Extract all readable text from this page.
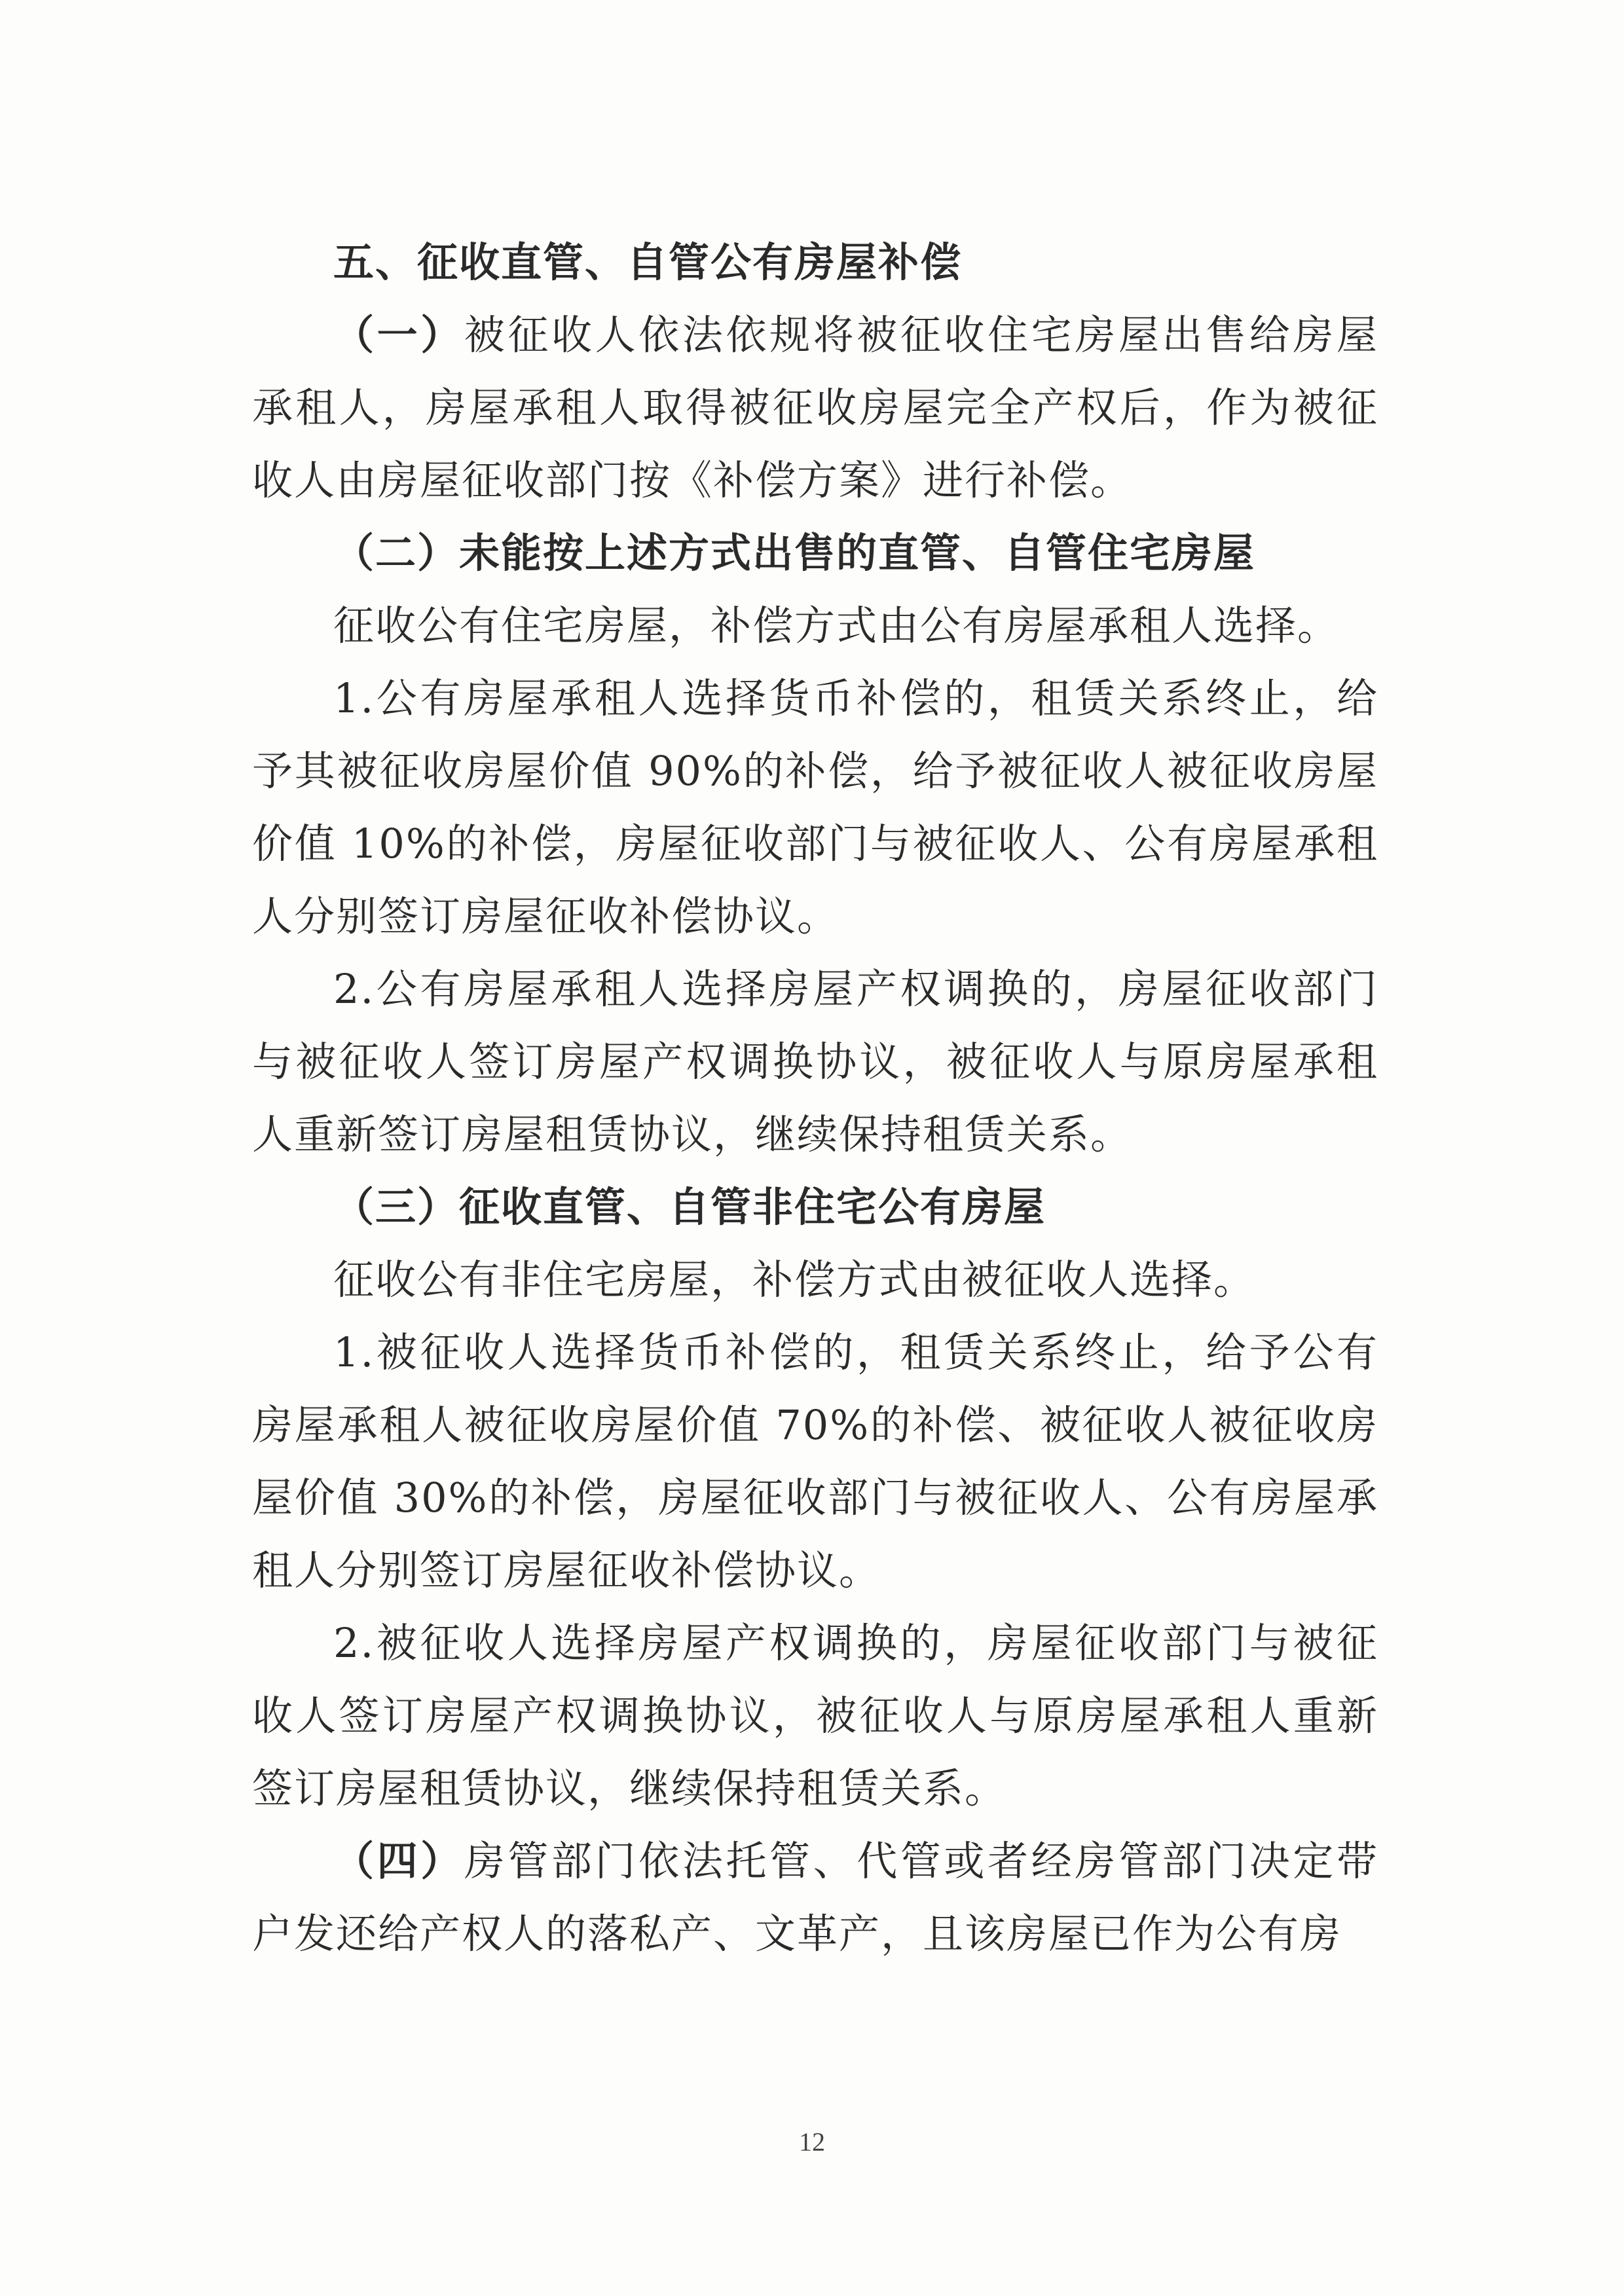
五、征收直管、自管公有房屋补偿

（一）被征收人依法依规将被征收住宅房屋出售给房屋承租人，房屋承租人取得被征收房屋完全产权后，作为被征收人由房屋征收部门按《补偿方案》进行补偿。

（二）未能按上述方式出售的直管、自管住宅房屋

征收公有住宅房屋，补偿方式由公有房屋承租人选择。

1.公有房屋承租人选择货币补偿的，租赁关系终止，给予其被征收房屋价值 90%的补偿，给予被征收人被征收房屋价值 10%的补偿，房屋征收部门与被征收人、公有房屋承租人分别签订房屋征收补偿协议。

2.公有房屋承租人选择房屋产权调换的，房屋征收部门与被征收人签订房屋产权调换协议，被征收人与原房屋承租人重新签订房屋租赁协议，继续保持租赁关系。

（三）征收直管、自管非住宅公有房屋

征收公有非住宅房屋，补偿方式由被征收人选择。

1.被征收人选择货币补偿的，租赁关系终止，给予公有房屋承租人被征收房屋价值 70%的补偿、被征收人被征收房屋价值 30%的补偿，房屋征收部门与被征收人、公有房屋承租人分别签订房屋征收补偿协议。

2.被征收人选择房屋产权调换的，房屋征收部门与被征收人签订房屋产权调换协议，被征收人与原房屋承租人重新签订房屋租赁协议，继续保持租赁关系。

（四）房管部门依法托管、代管或者经房管部门决定带户发还给产权人的落私产、文革产，且该房屋已作为公有房

12
